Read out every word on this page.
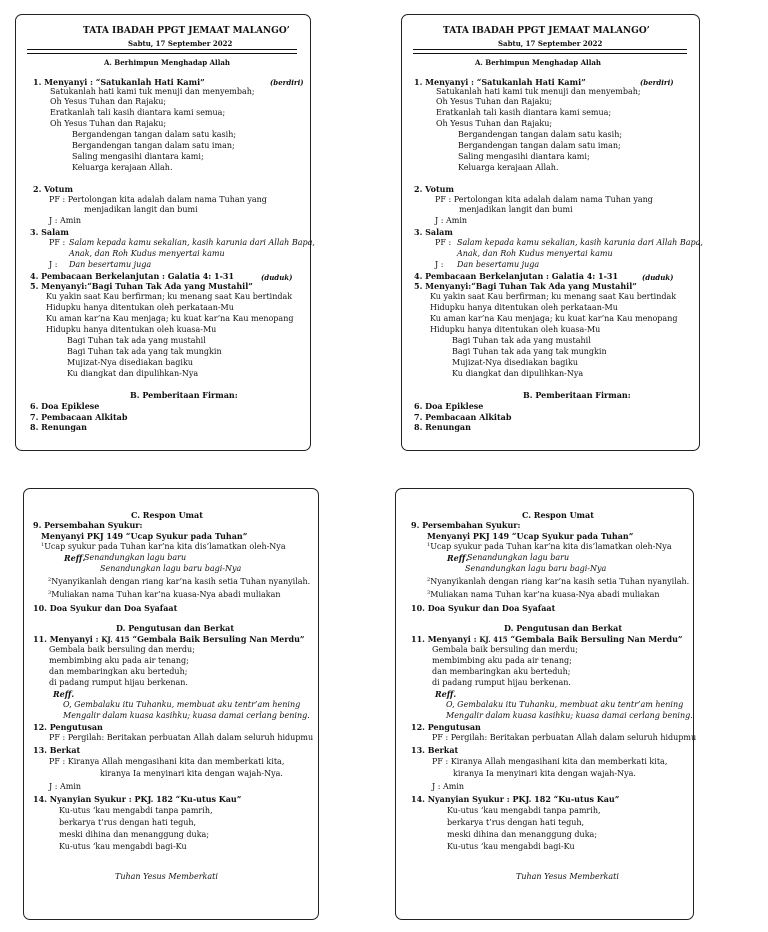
TATA IBADAH PPGT JEMAAT MALANGO’
Sabtu, 17 September 2022
A. Berhimpun Menghadap Allah
1. Menyanyi : “Satukanlah Hati Kami”	(berdiri)
Satukanlah hati kami tuk menuji dan menyembah;
Oh Yesus Tuhan dan Rajaku;
Eratkanlah tali kasih diantara kami semua;
Oh Yesus Tuhan dan Rajaku;
Bergandengan tangan dalam satu kasih;
Bergandengan tangan dalam satu iman;
Saling mengasihi diantara kami;
Keluarga kerajaan Allah.
2. Votum
PF : Pertolongan kita adalah dalam nama Tuhan yang
menjadikan langit dan bumi
J : Amin
3. Salam
PF : Salam kepada kamu sekalian, kasih karunia dari Allah Bapa,
Anak, dan Roh Kudus menyertai kamu
J : Dan besertamu juga
4. Pembacaan Berkelanjutan : Galatia 4: 1-31	(duduk)
5. Menyanyi:“Bagi Tuhan Tak Ada yang Mustahil”
Ku yakin saat Kau berfirman; ku menang saat Kau bertindak
Hidupku hanya ditentukan oleh perkataan-Mu
Ku aman kar’na Kau menjaga; ku kuat kar’na Kau menopang
Hidupku hanya ditentukan oleh kuasa-Mu
Bagi Tuhan tak ada yang mustahil
Bagi Tuhan tak ada yang tak mungkin
Mujizat-Nya disediakan bagiku
Ku diangkat dan dipulihkan-Nya
B. Pemberitaan Firman:
6. Doa Epiklese
7. Pembacaan Alkitab
8. Renungan
TATA IBADAH PPGT JEMAAT MALANGO’
Sabtu, 17 September 2022
A. Berhimpun Menghadap Allah
1. Menyanyi : “Satukanlah Hati Kami”	(berdiri)
Satukanlah hati kami tuk menuji dan menyembah;
Oh Yesus Tuhan dan Rajaku;
Eratkanlah tali kasih diantara kami semua;
Oh Yesus Tuhan dan Rajaku;
Bergandengan tangan dalam satu kasih;
Bergandengan tangan dalam satu iman;
Saling mengasihi diantara kami;
Keluarga kerajaan Allah.
2. Votum
PF : Pertolongan kita adalah dalam nama Tuhan yang
menjadikan langit dan bumi
J : Amin
3. Salam
PF : Salam kepada kamu sekalian, kasih karunia dari Allah Bapa,
Anak, dan Roh Kudus menyertai kamu
J : Dan besertamu juga
4. Pembacaan Berkelanjutan : Galatia 4: 1-31	(duduk)
5. Menyanyi:“Bagi Tuhan Tak Ada yang Mustahil”
Ku yakin saat Kau berfirman; ku menang saat Kau bertindak
Hidupku hanya ditentukan oleh perkataan-Mu
Ku aman kar’na Kau menjaga; ku kuat kar’na Kau menopang
Hidupku hanya ditentukan oleh kuasa-Mu
Bagi Tuhan tak ada yang mustahil
Bagi Tuhan tak ada yang tak mungkin
Mujizat-Nya disediakan bagiku
Ku diangkat dan dipulihkan-Nya
B. Pemberitaan Firman:
6. Doa Epiklese
7. Pembacaan Alkitab
8. Renungan
C. Respon Umat
9. Persembahan Syukur:
Menyanyi PKJ 149 “Ucap Syukur pada Tuhan”
$^1$Ucap syukur pada Tuhan kar’na kita dis’lamatkan oleh-Nya
Reff.
Senandungkan lagu baru
Senandungkan lagu baru bagi-Nya
$^2$Nyanyikanlah dengan riang kar’na kasih setia Tuhan nyanyilah.
$^3$Muliakan nama Tuhan kar’na kuasa-Nya abadi muliakan
10. Doa Syukur dan Doa Syafaat
D. Pengutusan dan Berkat
11. Menyanyi : KJ. 415 “Gembala Baik Bersuling Nan Merdu”
Gembala baik bersuling dan merdu;
membimbing aku pada air tenang;
dan membaringkan aku berteduh;
di padang rumput hijau berkenan.
Reff.
O, Gembalaku itu Tuhanku, membuat aku tentr’am hening
Mengalir dalam kuasa kasihku; kuasa damai cerlang bening.
12. Pengutusan
PF : Pergilah: Beritakan perbuatan Allah dalam seluruh hidupmu
13. Berkat
PF : Kiranya Allah mengasihani kita dan memberkati kita,
kiranya Ia menyinari kita dengan wajah-Nya.
J : Amin
14. Nyanyian Syukur : PKJ. 182 “Ku-utus Kau”
Ku-utus ‘kau mengabdi tanpa pamrih,
berkarya t’rus dengan hati teguh,
meski dihina dan menanggung duka;
Ku-utus ‘kau mengabdi bagi-Ku
Tuhan Yesus Memberkati
C. Respon Umat
9. Persembahan Syukur:
Menyanyi PKJ 149 “Ucap Syukur pada Tuhan”
$^1$Ucap syukur pada Tuhan kar’na kita dis’lamatkan oleh-Nya
Reff.
Senandungkan lagu baru
Senandungkan lagu baru bagi-Nya
$^2$Nyanyikanlah dengan riang kar’na kasih setia Tuhan nyanyilah.
$^3$Muliakan nama Tuhan kar’na kuasa-Nya abadi muliakan
10. Doa Syukur dan Doa Syafaat
D. Pengutusan dan Berkat
11. Menyanyi : KJ. 415 “Gembala Baik Bersuling Nan Merdu”
Gembala baik bersuling dan merdu;
membimbing aku pada air tenang;
dan membaringkan aku berteduh;
di padang rumput hijau berkenan.
Reff.
O, Gembalaku itu Tuhanku, membuat aku tentr’am hening
Mengalir dalam kuasa kasihku; kuasa damai cerlang bening.
12. Pengutusan
PF : Pergilah: Beritakan perbuatan Allah dalam seluruh hidupmu
13. Berkat
PF : Kiranya Allah mengasihani kita dan memberkati kita,
kiranya Ia menyinari kita dengan wajah-Nya.
J : Amin
14. Nyanyian Syukur : PKJ. 182 “Ku-utus Kau”
Ku-utus ‘kau mengabdi tanpa pamrih,
berkarya t’rus dengan hati teguh,
meski dihina dan menanggung duka;
Ku-utus ‘kau mengabdi bagi-Ku
Tuhan Yesus Memberkati
